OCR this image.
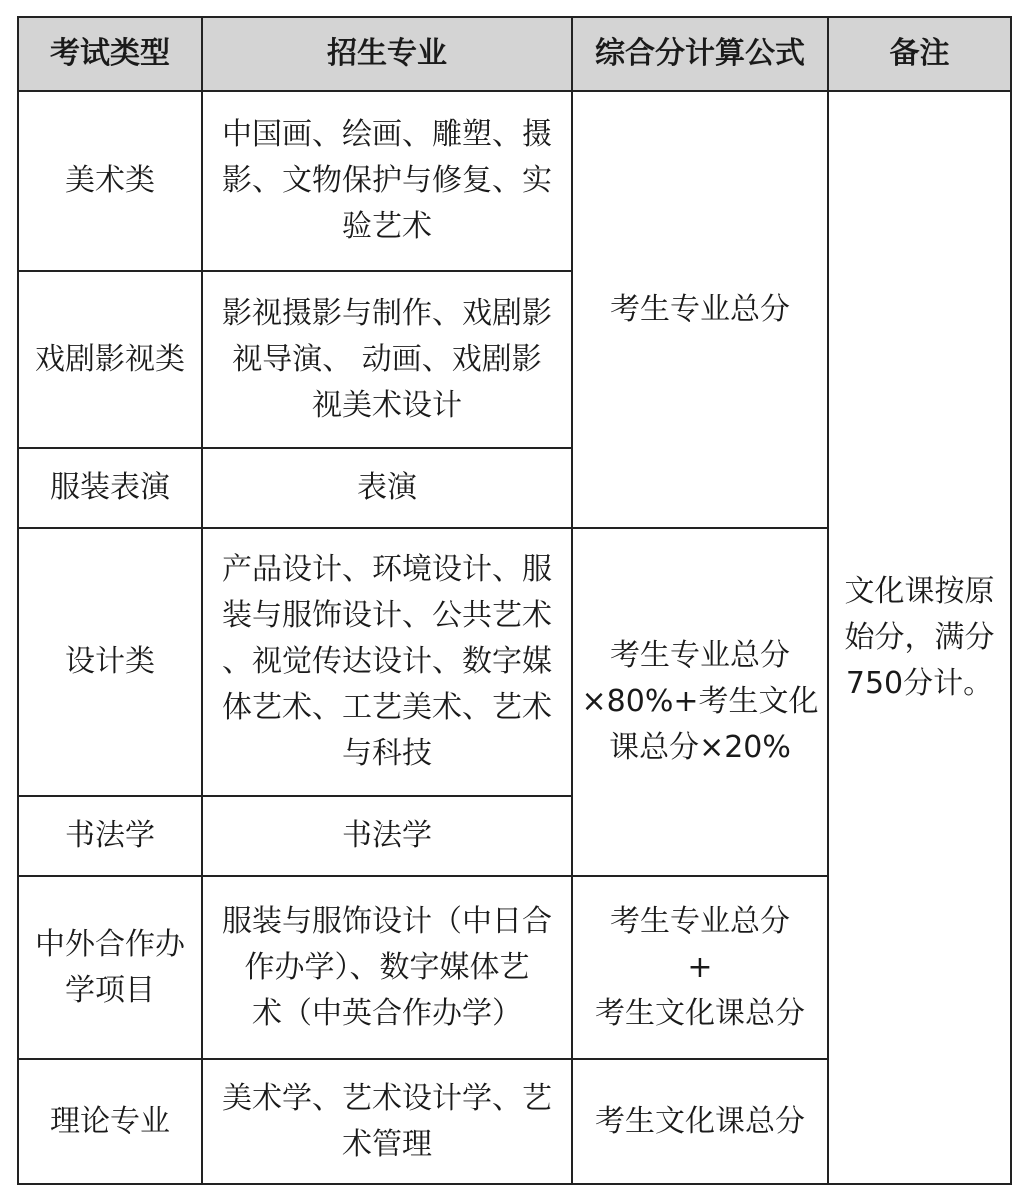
考试类型	招生专业	综合分计算公式	备注
美术类	中国画、绘画、雕塑、摄
影、文物保护与修复、实
验艺术	考生专业总分	文化课按原
始分，满分
750分计。

戏剧影视类	影视摄影与制作、戏剧影
视导演、 动画、戏剧影
视美术设计		

服装表演	表演		

设计类	产品设计、环境设计、服
装与服饰设计、公共艺术
、视觉传达设计、数字媒
体艺术、工艺美术、艺术
与科技	考生专业总分
×80%+考生文化
课总分×20%	

书法学	书法学		

中外合作办
学项目	服装与服饰设计（中日合
作办学）、数字媒体艺
术（中英合作办学）	考生专业总分
+
考生文化课总分	

理论专业	美术学、艺术设计学、艺
术管理	考生文化课总分	
